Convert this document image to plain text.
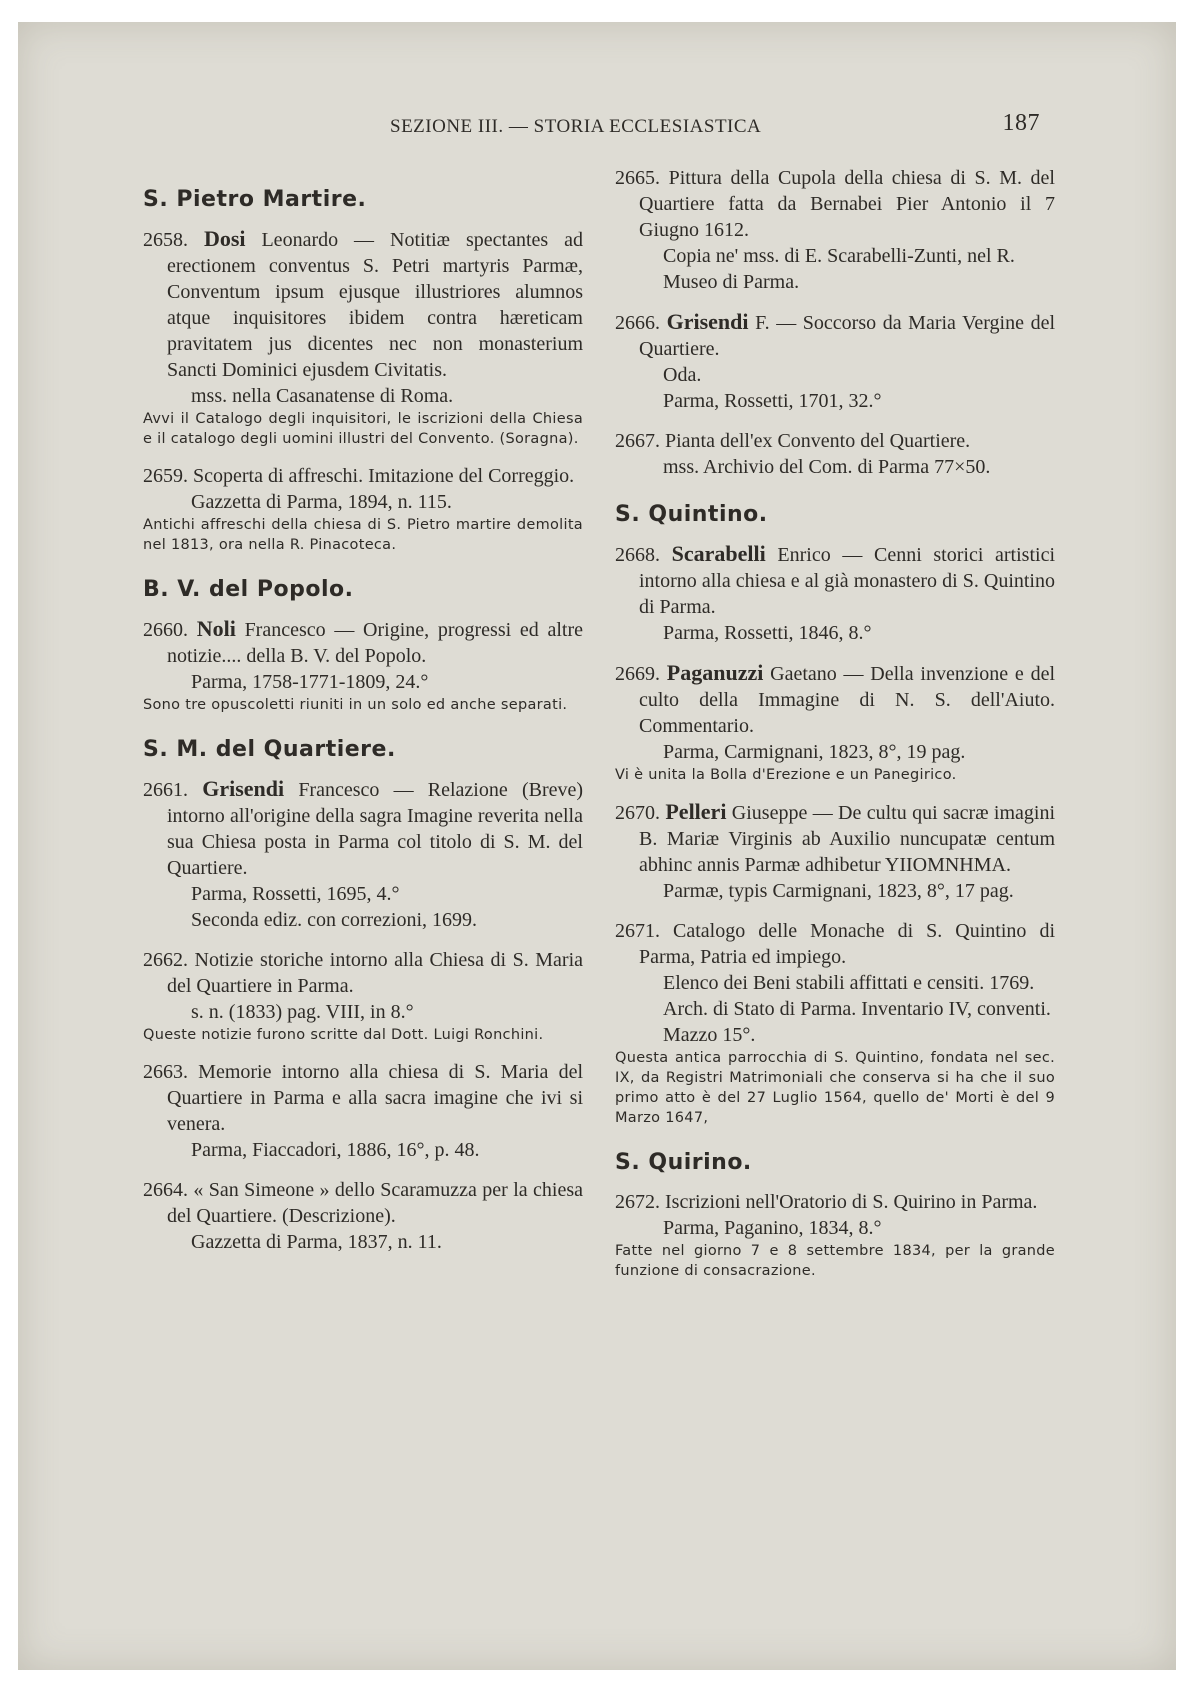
SEZIONE III. — STORIA ECCLESIASTICA	187
S. Pietro Martire.

2658. Dosi Leonardo — Notitiæ spectantes ad erectionem conventus S. Petri martyris Parmæ, Conventum ipsum ejusque illustriores alumnos atque inquisitores ibidem contra hæreticam pravitatem jus dicentes nec non monasterium Sancti Dominici ejusdem Civitatis.

mss. nella Casanatense di Roma.

Avvi il Catalogo degli inquisitori, le iscrizioni della Chiesa e il catalogo degli uomini illustri del Convento. (Soragna).

2659. Scoperta di affreschi. Imitazione del Correggio.

Gazzetta di Parma, 1894, n. 115.

Antichi affreschi della chiesa di S. Pietro martire demolita nel 1813, ora nella R. Pinacoteca.

B. V. del Popolo.

2660. Noli Francesco — Origine, progressi ed altre notizie.... della B. V. del Popolo.

Parma, 1758-1771-1809, 24.°

Sono tre opuscoletti riuniti in un solo ed anche separati.

S. M. del Quartiere.

2661. Grisendi Francesco — Relazione (Breve) intorno all'origine della sagra Imagine reverita nella sua Chiesa posta in Parma col titolo di S. M. del Quartiere.

Parma, Rossetti, 1695, 4.°

Seconda ediz. con correzioni, 1699.

2662. Notizie storiche intorno alla Chiesa di S. Maria del Quartiere in Parma.

s. n. (1833) pag. VIII, in 8.°

Queste notizie furono scritte dal Dott. Luigi Ronchini.

2663. Memorie intorno alla chiesa di S. Maria del Quartiere in Parma e alla sacra imagine che ivi si venera.

Parma, Fiaccadori, 1886, 16°, p. 48.

2664. « San Simeone » dello Scaramuzza per la chiesa del Quartiere. (Descrizione).

Gazzetta di Parma, 1837, n. 11.

2665. Pittura della Cupola della chiesa di S. M. del Quartiere fatta da Bernabei Pier Antonio il 7 Giugno 1612.

Copia ne' mss. di E. Scarabelli-Zunti, nel R. Museo di Parma.

2666. Grisendi F. — Soccorso da Maria Vergine del Quartiere.

Oda.

Parma, Rossetti, 1701, 32.°

2667. Pianta dell'ex Convento del Quartiere.

mss. Archivio del Com. di Parma 77×50.

S. Quintino.

2668. Scarabelli Enrico — Cenni storici artistici intorno alla chiesa e al già monastero di S. Quintino di Parma.

Parma, Rossetti, 1846, 8.°

2669. Paganuzzi Gaetano — Della invenzione e del culto della Immagine di N. S. dell'Aiuto. Commentario.

Parma, Carmignani, 1823, 8°, 19 pag.

Vi è unita la Bolla d'Erezione e un Panegirico.

2670. Pelleri Giuseppe — De cultu qui sacræ imagini B. Mariæ Virginis ab Auxilio nuncupatæ centum abhinc annis Parmæ adhibetur YIIOMNHMA.

Parmæ, typis Carmignani, 1823, 8°, 17 pag.

2671. Catalogo delle Monache di S. Quintino di Parma, Patria ed impiego.

Elenco dei Beni stabili affittati e censiti. 1769.

Arch. di Stato di Parma. Inventario IV, conventi. Mazzo 15°.

Questa antica parrocchia di S. Quintino, fondata nel sec. IX, da Registri Matrimoniali che conserva si ha che il suo primo atto è del 27 Luglio 1564, quello de' Morti è del 9 Marzo 1647,

S. Quirino.

2672. Iscrizioni nell'Oratorio di S. Quirino in Parma.

Parma, Paganino, 1834, 8.°

Fatte nel giorno 7 e 8 settembre 1834, per la grande funzione di consacrazione.
